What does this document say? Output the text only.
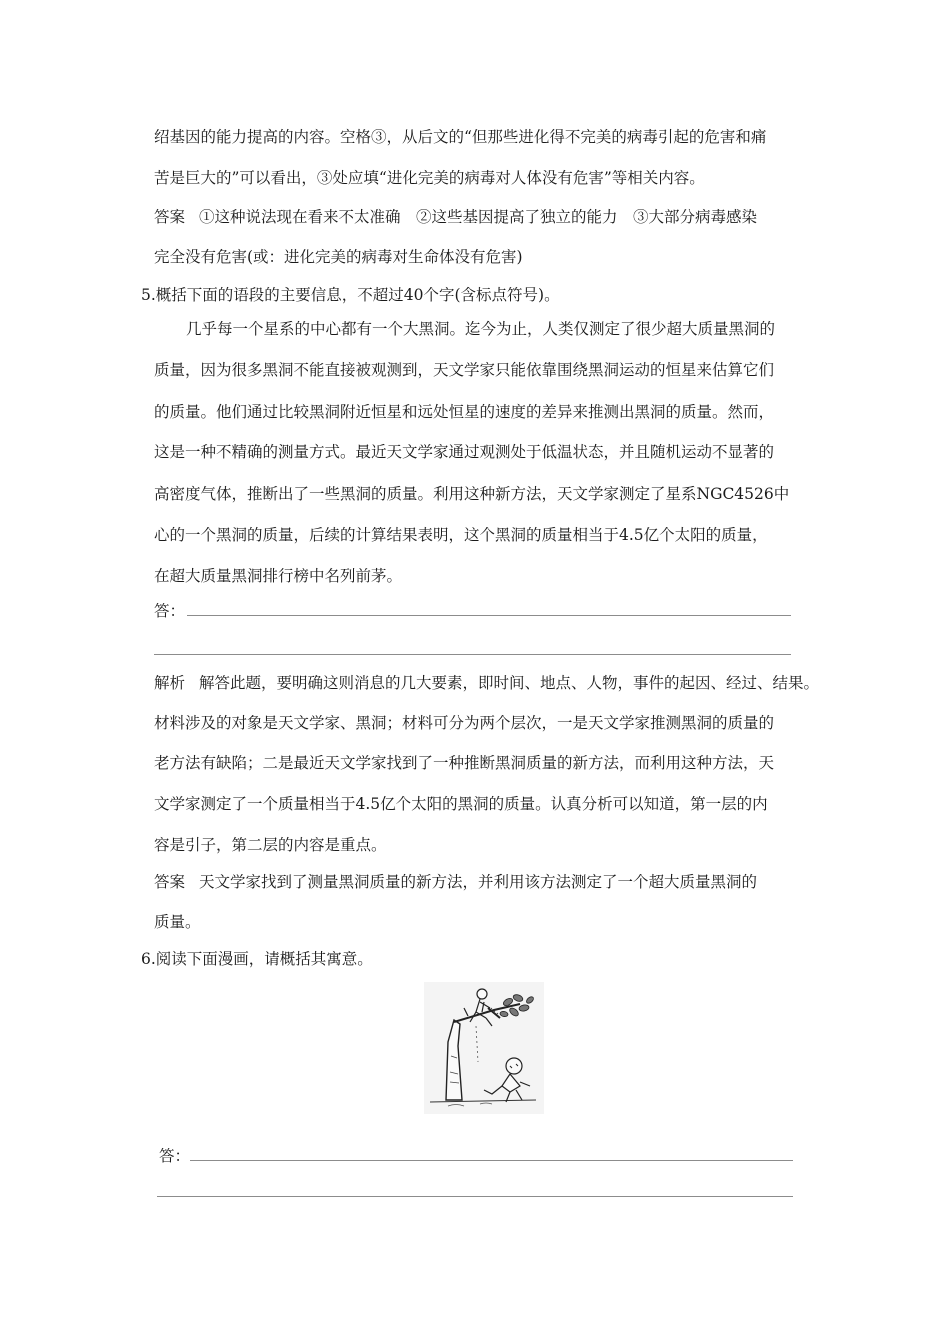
绍基因的能力提高的内容。空格③，从后文的“但那些进化得不完美的病毒引起的危害和痛
苦是巨大的”可以看出，③处应填“进化完美的病毒对人体没有危害”等相关内容。
答案 ①这种说法现在看来不太准确　②这些基因提高了独立的能力　③大部分病毒感染
完全没有危害(或：进化完美的病毒对生命体没有危害)
5.概括下面的语段的主要信息，不超过40个字(含标点符号)。
几乎每一个星系的中心都有一个大黑洞。迄今为止，人类仅测定了很少超大质量黑洞的
质量，因为很多黑洞不能直接被观测到，天文学家只能依靠围绕黑洞运动的恒星来估算它们
的质量。他们通过比较黑洞附近恒星和远处恒星的速度的差异来推测出黑洞的质量。然而，
这是一种不精确的测量方式。最近天文学家通过观测处于低温状态，并且随机运动不显著的
高密度气体，推断出了一些黑洞的质量。利用这种新方法，天文学家测定了星系NGC4526中
心的一个黑洞的质量，后续的计算结果表明，这个黑洞的质量相当于4.5亿个太阳的质量，
在超大质量黑洞排行榜中名列前茅。
答：
解析 解答此题，要明确这则消息的几大要素，即时间、地点、人物，事件的起因、经过、结果。
材料涉及的对象是天文学家、黑洞；材料可分为两个层次，一是天文学家推测黑洞的质量的
老方法有缺陷；二是最近天文学家找到了一种推断黑洞质量的新方法，而利用这种方法，天
文学家测定了一个质量相当于4.5亿个太阳的黑洞的质量。认真分析可以知道，第一层的内
容是引子，第二层的内容是重点。
答案 天文学家找到了测量黑洞质量的新方法，并利用该方法测定了一个超大质量黑洞的
质量。
6.阅读下面漫画，请概括其寓意。
答：
